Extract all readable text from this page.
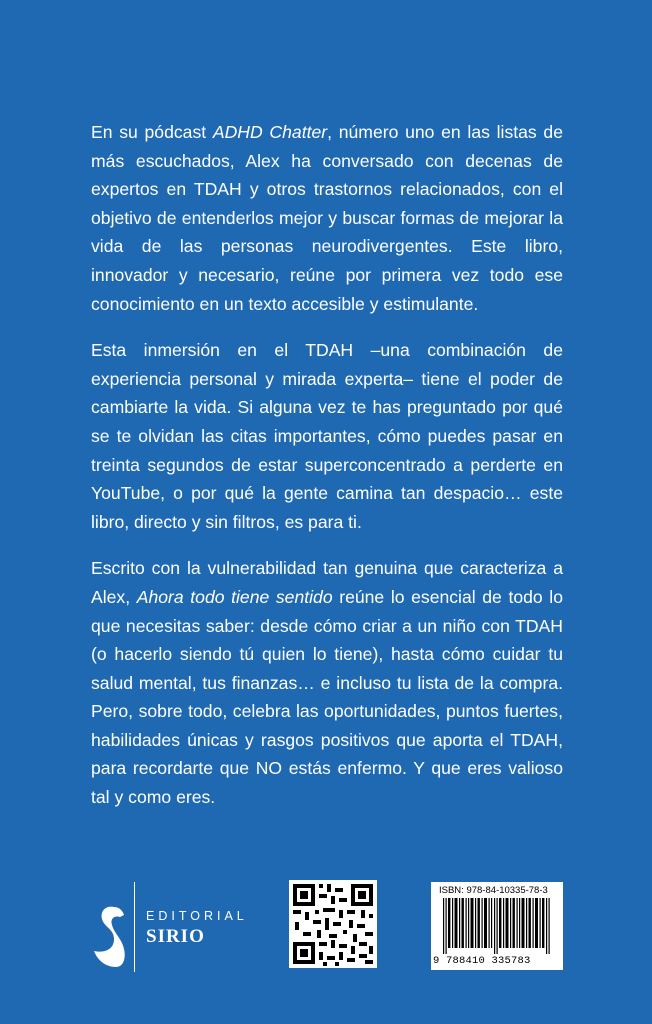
En su pódcast ADHD Chatter, número uno en las listas de más escuchados, Alex ha conversado con decenas de expertos en TDAH y otros trastornos relacionados, con el objetivo de entenderlos mejor y buscar formas de mejorar la vida de las personas neurodivergentes. Este libro, innovador y necesario, reúne por primera vez todo ese conocimiento en un texto accesible y estimulante.

Esta inmersión en el TDAH –una combinación de experiencia personal y mirada experta– tiene el poder de cambiarte la vida. Si alguna vez te has preguntado por qué se te olvidan las citas importantes, cómo puedes pasar en treinta segundos de estar superconcentrado a perderte en YouTube, o por qué la gente camina tan despacio… este libro, directo y sin filtros, es para ti.

Escrito con la vulnerabilidad tan genuina que caracteriza a Alex, Ahora todo tiene sentido reúne lo esencial de todo lo que necesitas saber: desde cómo criar a un niño con TDAH (o hacerlo siendo tú quien lo tiene), hasta cómo cuidar tu salud mental, tus finanzas… e incluso tu lista de la compra. Pero, sobre todo, celebra las oportunidades, puntos fuertes, habilidades únicas y rasgos positivos que aporta el TDAH, para recordarte que NO estás enfermo. Y que eres valioso tal y como eres.

EDITORIAL
SIRIO
ISBN: 978-84-10335-78-3
9 788410 335783
